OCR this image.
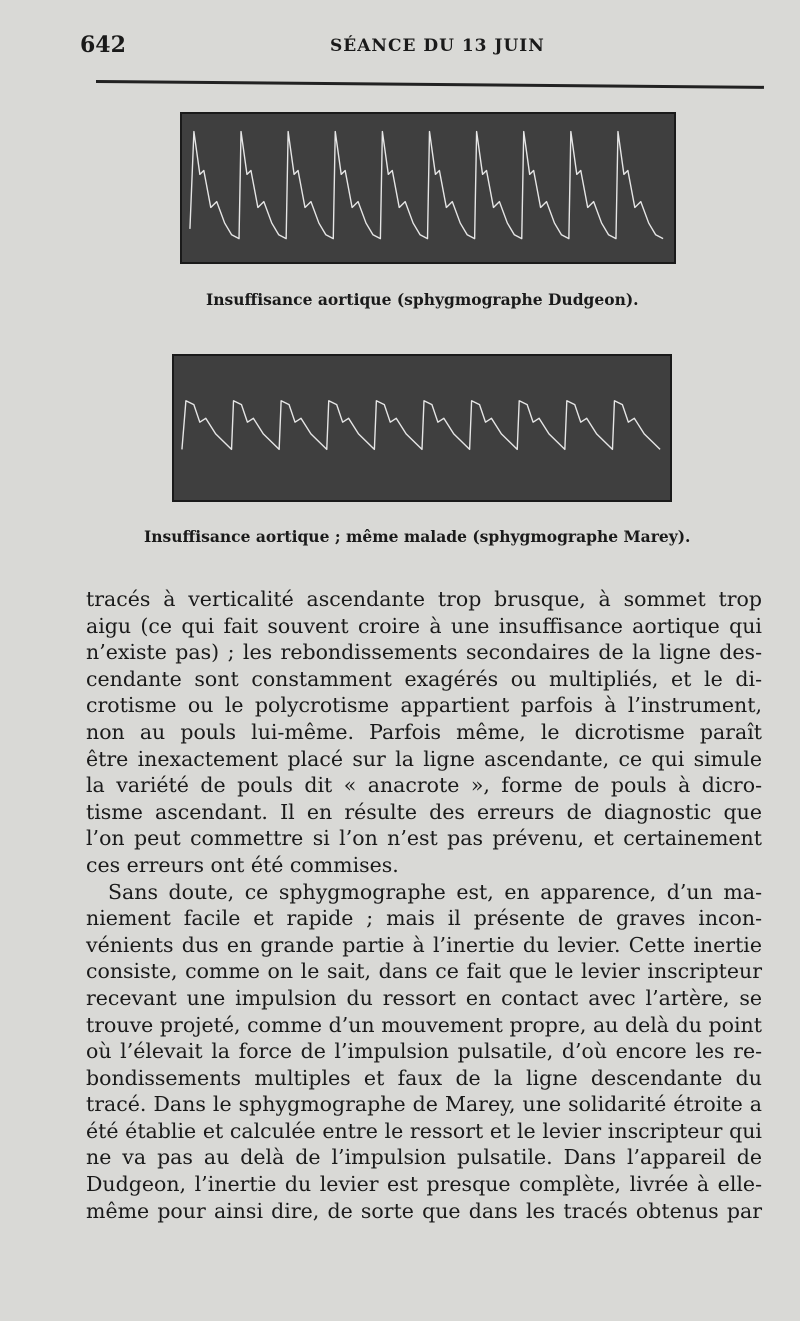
642	SÉANCE DU 13 JUIN
Insuffisance aortique (sphygmographe Dudgeon).
Insuffisance aortique ; même malade (sphygmographe Marey).
tracés à verticalité ascendante trop brusque, à sommet trop
aigu (ce qui fait souvent croire à une insuffisance aortique qui
n’existe pas) ; les rebondissements secondaires de la ligne des-
cendante sont constamment exagérés ou multipliés, et le di-
crotisme ou le polycrotisme appartient parfois à l’instrument,
non au pouls lui-même. Parfois même, le dicrotisme paraît
être inexactement placé sur la ligne ascendante, ce qui simule
la variété de pouls dit « anacrote », forme de pouls à dicro-
tisme ascendant. Il en résulte des erreurs de diagnostic que
l’on peut commettre si l’on n’est pas prévenu, et certainement
ces erreurs ont été commises.
Sans doute, ce sphygmographe est, en apparence, d’un ma-
niement facile et rapide ; mais il présente de graves incon-
vénients dus en grande partie à l’inertie du levier. Cette inertie
consiste, comme on le sait, dans ce fait que le levier inscripteur
recevant une impulsion du ressort en contact avec l’artère, se
trouve projeté, comme d’un mouvement propre, au delà du point
où l’élevait la force de l’impulsion pulsatile, d’où encore les re-
bondissements multiples et faux de la ligne descendante du
tracé. Dans le sphygmographe de Marey, une solidarité étroite a
été établie et calculée entre le ressort et le levier inscripteur qui
ne va pas au delà de l’impulsion pulsatile. Dans l’appareil de
Dudgeon, l’inertie du levier est presque complète, livrée à elle-
même pour ainsi dire, de sorte que dans les tracés obtenus par
